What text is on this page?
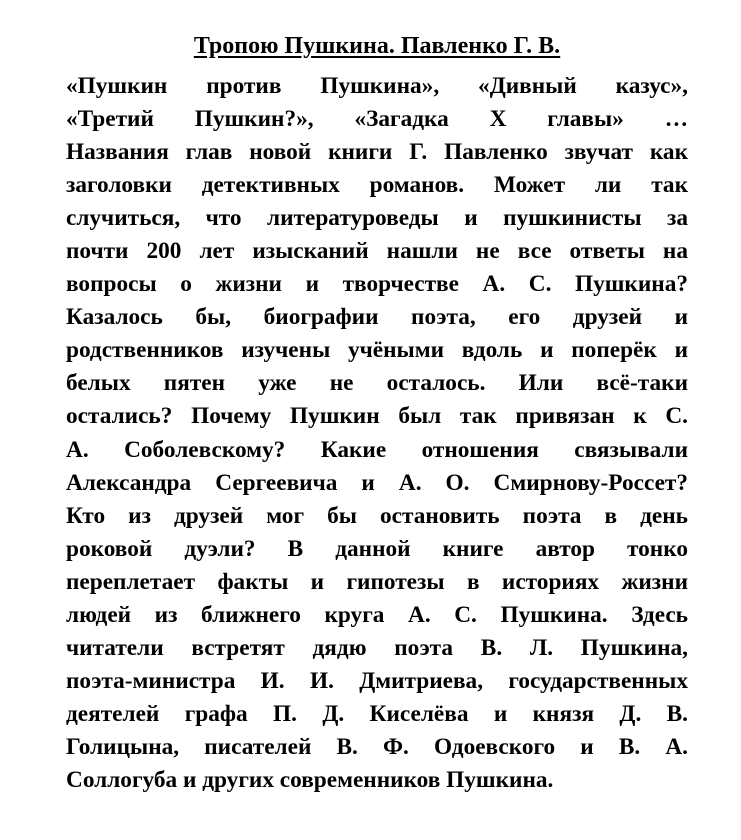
Тропою Пушкина. Павленко Г. В.
«Пушкин против Пушкина», «Дивный казус»,
«Третий Пушкин?», «Загадка X главы» …
Названия глав новой книги Г. Павленко звучат как
заголовки детективных романов. Может ли так
случиться, что литературоведы и пушкинисты за
почти 200 лет изысканий нашли не все ответы на
вопросы о жизни и творчестве А. С. Пушкина?
Казалось бы, биографии поэта, его друзей и
родственников изучены учёными вдоль и поперёк и
белых пятен уже не осталось. Или всё-таки
остались? Почему Пушкин был так привязан к С.
А. Соболевскому? Какие отношения связывали
Александра Сергеевича и А. О. Смирнову-Россет?
Кто из друзей мог бы остановить поэта в день
роковой дуэли? В данной книге автор тонко
переплетает факты и гипотезы в историях жизни
людей из ближнего круга А. С. Пушкина. Здесь
читатели встретят дядю поэта В. Л. Пушкина,
поэта-министра И. И. Дмитриева, государственных
деятелей графа П. Д. Киселёва и князя Д. В.
Голицына, писателей В. Ф. Одоевского и В. А.
Соллогуба и других современников Пушкина.
